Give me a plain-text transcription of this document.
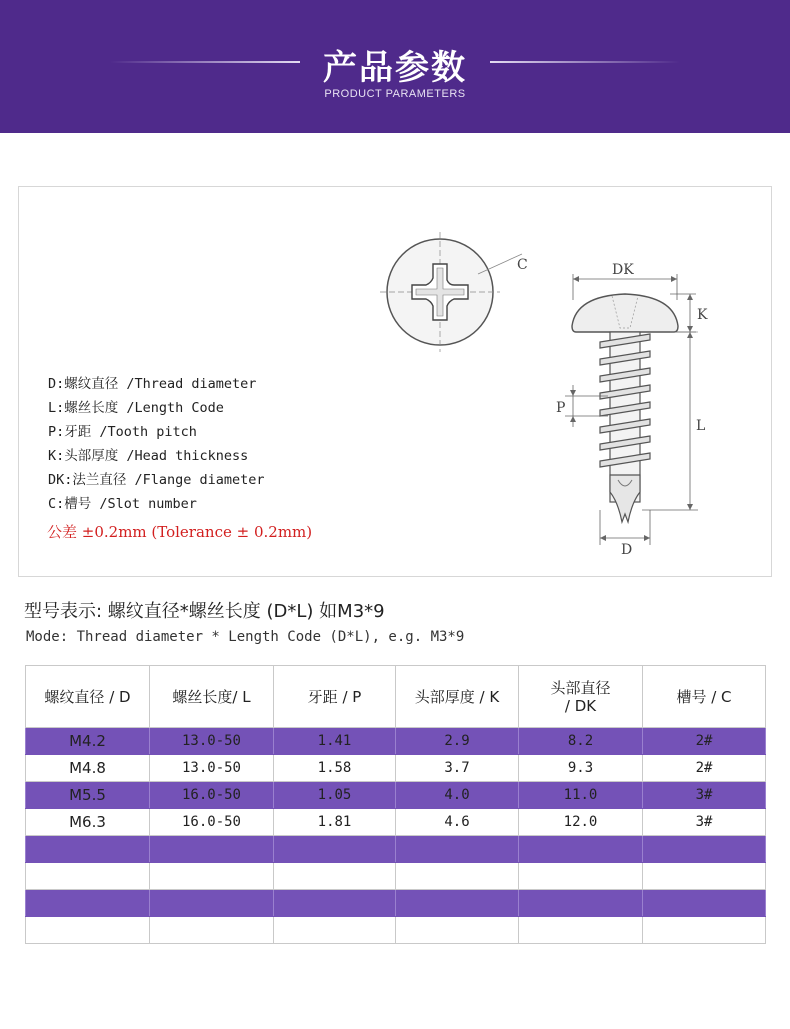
产品参数
PRODUCT PARAMETERS
C	DK
K
P
L
D
D:螺纹直径 /Thread diameter
L:螺丝长度 /Length Code
P:牙距 /Tooth pitch
K:头部厚度 /Head thickness
DK:法兰直径 /Flange diameter
C:槽号 /Slot number
公差 ±0.2mm (Tolerance ± 0.2mm)
型号表示: 螺纹直径*螺丝长度 (D*L) 如M3*9
Mode: Thread diameter * Length Code (D*L), e.g. M3*9
螺纹直径 / D	螺丝长度/ L	牙距 / P	头部厚度 / K	头部直径
/ DK	槽号 / C
M4.2	13.0-50	1.41	2.9	8.2	2#
M4.8	13.0-50	1.58	3.7	9.3	2#
M5.5	16.0-50	1.05	4.0	11.0	3#
M6.3	16.0-50	1.81	4.6	12.0	3#
